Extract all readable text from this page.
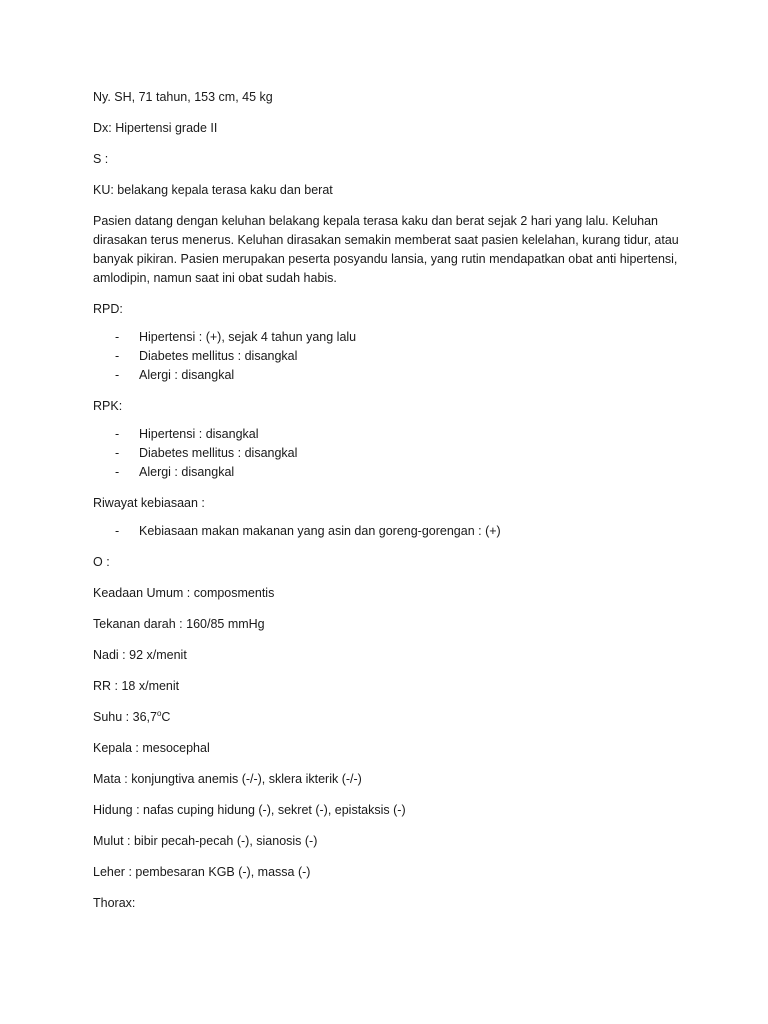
Ny. SH, 71 tahun, 153 cm, 45 kg

Dx: Hipertensi grade II

S :

KU: belakang kepala terasa kaku dan berat

Pasien datang dengan keluhan belakang kepala terasa kaku dan berat sejak 2 hari yang lalu. Keluhan dirasakan terus menerus. Keluhan dirasakan semakin memberat saat pasien kelelahan, kurang tidur, atau banyak pikiran. Pasien merupakan peserta posyandu lansia, yang rutin mendapatkan obat anti hipertensi, amlodipin, namun saat ini obat sudah habis.

RPD:

- Hipertensi : (+), sejak 4 tahun yang lalu
- Diabetes mellitus : disangkal
- Alergi : disangkal

RPK:

- Hipertensi : disangkal
- Diabetes mellitus : disangkal
- Alergi : disangkal

Riwayat kebiasaan :

- Kebiasaan makan makanan yang asin dan goreng-gorengan : (+)

O :

Keadaan Umum : composmentis

Tekanan darah : 160/85 mmHg

Nadi : 92 x/menit

RR : 18 x/menit

Suhu : 36,7$^o$C

Kepala : mesocephal

Mata : konjungtiva anemis (-/-), sklera ikterik (-/-)

Hidung : nafas cuping hidung (-), sekret (-), epistaksis (-)

Mulut : bibir pecah-pecah (-), sianosis (-)

Leher : pembesaran KGB (-), massa (-)

Thorax:
